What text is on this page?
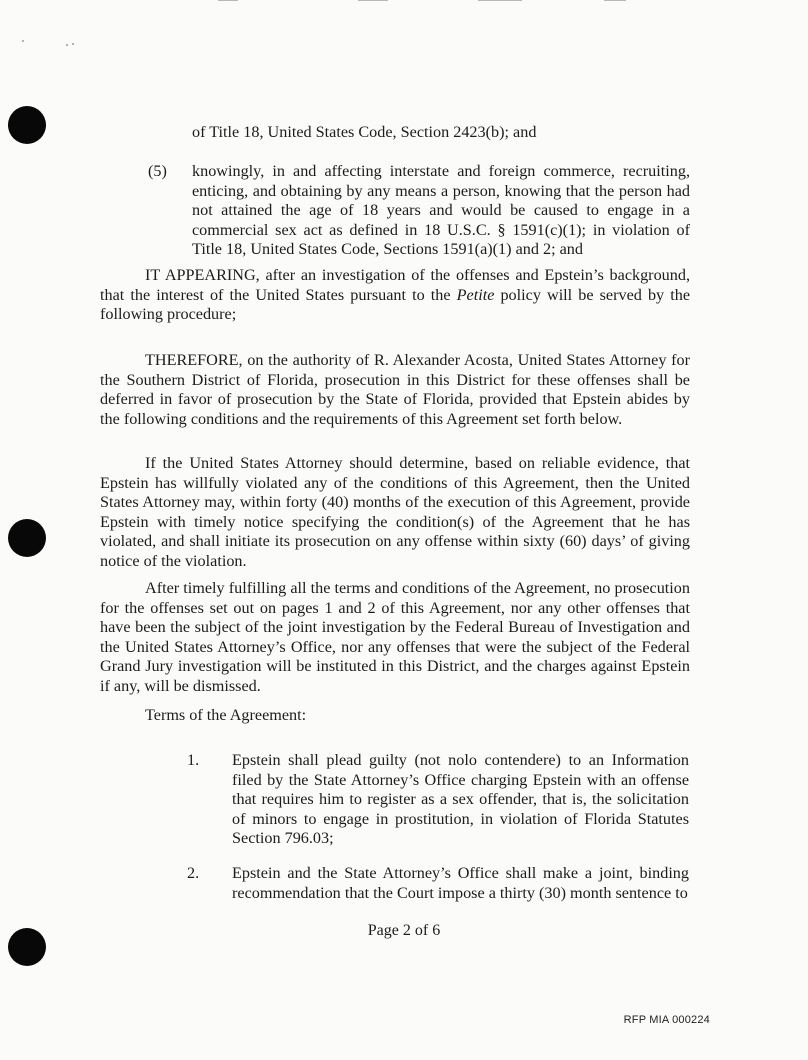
of Title 18, United States Code, Section 2423(b); and

(5) knowingly, in and affecting interstate and foreign commerce, recruiting, enticing, and obtaining by any means a person, knowing that the person had not attained the age of 18 years and would be caused to engage in a commercial sex act as defined in 18 U.S.C. § 1591(c)(1); in violation of Title 18, United States Code, Sections 1591(a)(1) and 2; and

IT APPEARING, after an investigation of the offenses and Epstein’s background, that the interest of the United States pursuant to the Petite policy will be served by the following procedure;

THEREFORE, on the authority of R. Alexander Acosta, United States Attorney for the Southern District of Florida, prosecution in this District for these offenses shall be deferred in favor of prosecution by the State of Florida, provided that Epstein abides by the following conditions and the requirements of this Agreement set forth below.

If the United States Attorney should determine, based on reliable evidence, that Epstein has willfully violated any of the conditions of this Agreement, then the United States Attorney may, within forty (40) months of the execution of this Agreement, provide Epstein with timely notice specifying the condition(s) of the Agreement that he has violated, and shall initiate its prosecution on any offense within sixty (60) days’ of giving notice of the violation.

After timely fulfilling all the terms and conditions of the Agreement, no prosecution for the offenses set out on pages 1 and 2 of this Agreement, nor any other offenses that have been the subject of the joint investigation by the Federal Bureau of Investigation and the United States Attorney’s Office, nor any offenses that were the subject of the Federal Grand Jury investigation will be instituted in this District, and the charges against Epstein if any, will be dismissed.

Terms of the Agreement:

1. Epstein shall plead guilty (not nolo contendere) to an Information filed by the State Attorney’s Office charging Epstein with an offense that requires him to register as a sex offender, that is, the solicitation of minors to engage in prostitution, in violation of Florida Statutes Section 796.03;

2. Epstein and the State Attorney’s Office shall make a joint, binding recommendation that the Court impose a thirty (30) month sentence to

Page 2 of 6
RFP MIA 000224
